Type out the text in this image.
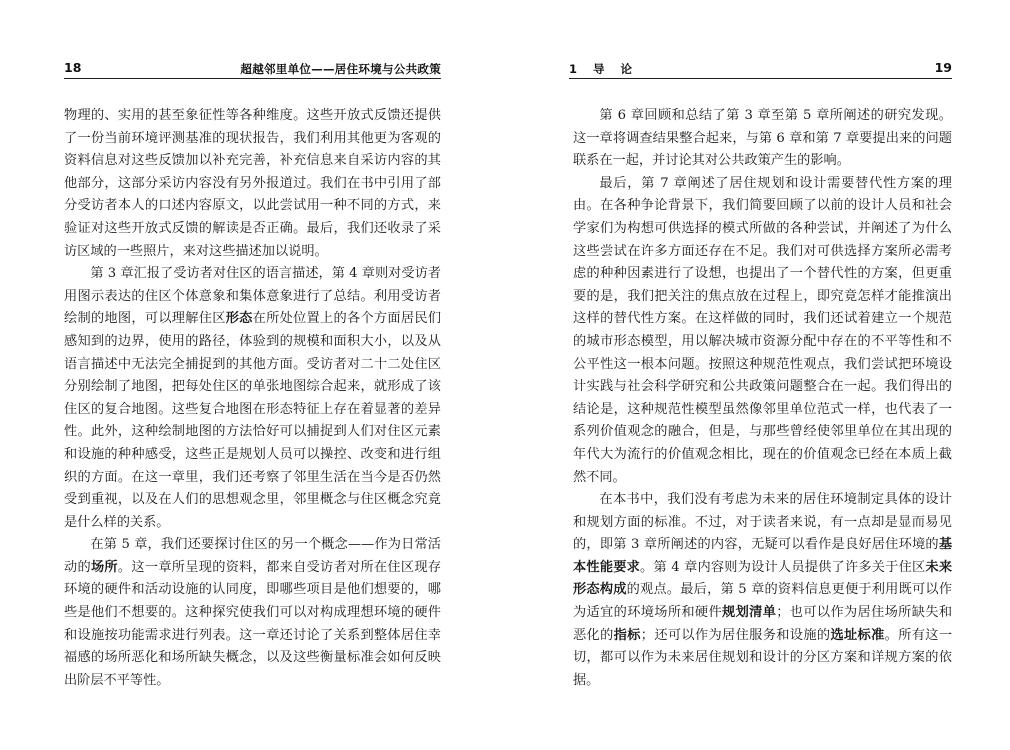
18	超越邻里单位——居住环境与公共政策

物理的、实用的甚至象征性等各种维度。这些开放式反馈还提供了一份当前环境评测基准的现状报告，我们利用其他更为客观的资料信息对这些反馈加以补充完善，补充信息来自采访内容的其他部分，这部分采访内容没有另外报道过。我们在书中引用了部分受访者本人的口述内容原文，以此尝试用一种不同的方式，来验证对这些开放式反馈的解读是否正确。最后，我们还收录了采访区域的一些照片，来对这些描述加以说明。

第 3 章汇报了受访者对住区的语言描述，第 4 章则对受访者用图示表达的住区个体意象和集体意象进行了总结。利用受访者绘制的地图，可以理解住区形态在所处位置上的各个方面居民们感知到的边界，使用的路径，体验到的规模和面积大小，以及从语言描述中无法完全捕捉到的其他方面。受访者对二十二处住区分别绘制了地图，把每处住区的单张地图综合起来，就形成了该住区的复合地图。这些复合地图在形态特征上存在着显著的差异性。此外，这种绘制地图的方法恰好可以捕捉到人们对住区元素和设施的种种感受，这些正是规划人员可以操控、改变和进行组织的方面。在这一章里，我们还考察了邻里生活在当今是否仍然受到重视，以及在人们的思想观念里，邻里概念与住区概念究竟是什么样的关系。

在第 5 章，我们还要探讨住区的另一个概念——作为日常活动的场所。这一章所呈现的资料，都来自受访者对所在住区现存环境的硬件和活动设施的认同度，即哪些项目是他们想要的，哪些是他们不想要的。这种探究使我们可以对构成理想环境的硬件和设施按功能需求进行列表。这一章还讨论了关系到整体居住幸福感的场所恶化和场所缺失概念，以及这些衡量标准会如何反映出阶层不平等性。

1 导 论	19

第 6 章回顾和总结了第 3 章至第 5 章所阐述的研究发现。这一章将调查结果整合起来，与第 6 章和第 7 章要提出来的问题联系在一起，并讨论其对公共政策产生的影响。

最后，第 7 章阐述了居住规划和设计需要替代性方案的理由。在各种争论背景下，我们简要回顾了以前的设计人员和社会学家们为构想可供选择的模式所做的各种尝试，并阐述了为什么这些尝试在许多方面还存在不足。我们对可供选择方案所必需考虑的种种因素进行了设想，也提出了一个替代性的方案，但更重要的是，我们把关注的焦点放在过程上，即究竟怎样才能推演出这样的替代性方案。在这样做的同时，我们还试着建立一个规范的城市形态模型，用以解决城市资源分配中存在的不平等性和不公平性这一根本问题。按照这种规范性观点，我们尝试把环境设计实践与社会科学研究和公共政策问题整合在一起。我们得出的结论是，这种规范性模型虽然像邻里单位范式一样，也代表了一系列价值观念的融合，但是，与那些曾经使邻里单位在其出现的年代大为流行的价值观念相比，现在的价值观念已经在本质上截然不同。

在本书中，我们没有考虑为未来的居住环境制定具体的设计和规划方面的标准。不过，对于读者来说，有一点却是显而易见的，即第 3 章所阐述的内容，无疑可以看作是良好居住环境的基本性能要求。第 4 章内容则为设计人员提供了许多关于住区未来形态构成的观点。最后，第 5 章的资料信息更便于利用既可以作为适宜的环境场所和硬件规划清单；也可以作为居住场所缺失和恶化的指标；还可以作为居住服务和设施的选址标准。所有这一切，都可以作为未来居住规划和设计的分区方案和详规方案的依据。
